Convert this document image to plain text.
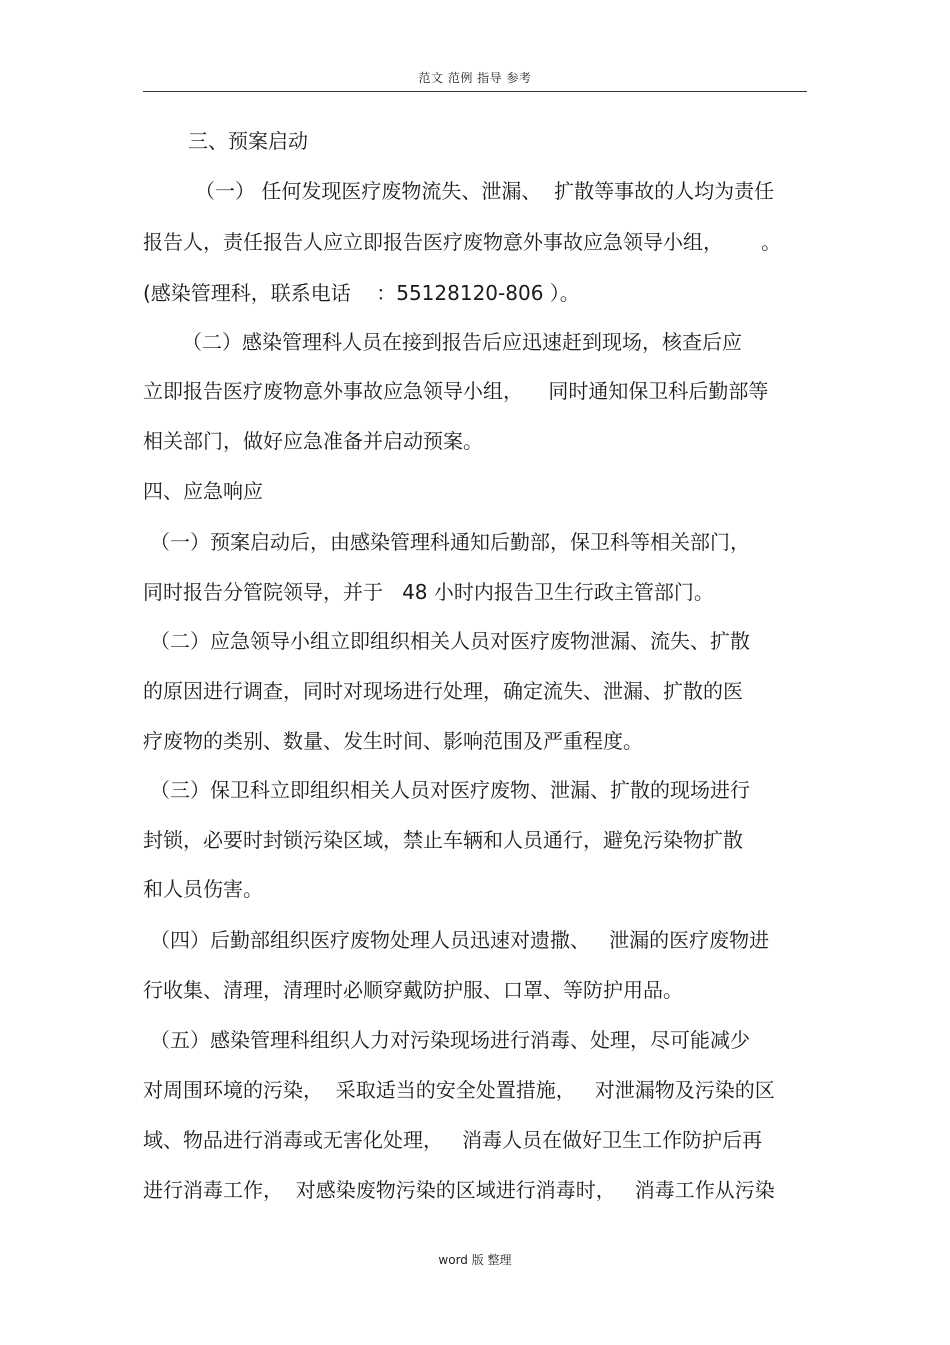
范文 范例 指导 参考
三、预案启动
（一） 任何发现医疗废物流失、泄漏、  扩散等事故的人均为责任
报告人，责任报告人应立即报告医疗废物意外事故应急领导小组，      。
(感染管理科，联系电话    ：55128120-806 ）。
（二）感染管理科人员在接到报告后应迅速赶到现场，核查后应
立即报告医疗废物意外事故应急领导小组，    同时通知保卫科后勤部等
相关部门，做好应急准备并启动预案。
四、应急响应
（一）预案启动后，由感染管理科通知后勤部，保卫科等相关部门，
同时报告分管院领导，并于   48 小时内报告卫生行政主管部门。
（二）应急领导小组立即组织相关人员对医疗废物泄漏、流失、扩散
的原因进行调查，同时对现场进行处理，确定流失、泄漏、扩散的医
疗废物的类别、数量、发生时间、影响范围及严重程度。
（三）保卫科立即组织相关人员对医疗废物、泄漏、扩散的现场进行
封锁，必要时封锁污染区域，禁止车辆和人员通行，避免污染物扩散
和人员伤害。
（四）后勤部组织医疗废物处理人员迅速对遗撒、   泄漏的医疗废物进
行收集、清理，清理时必顺穿戴防护服、口罩、等防护用品。
（五）感染管理科组织人力对污染现场进行消毒、处理，尽可能减少
对周围环境的污染，  采取适当的安全处置措施，   对泄漏物及污染的区
域、物品进行消毒或无害化处理，   消毒人员在做好卫生工作防护后再
进行消毒工作，  对感染废物污染的区域进行消毒时，   消毒工作从污染
word 版 整理
